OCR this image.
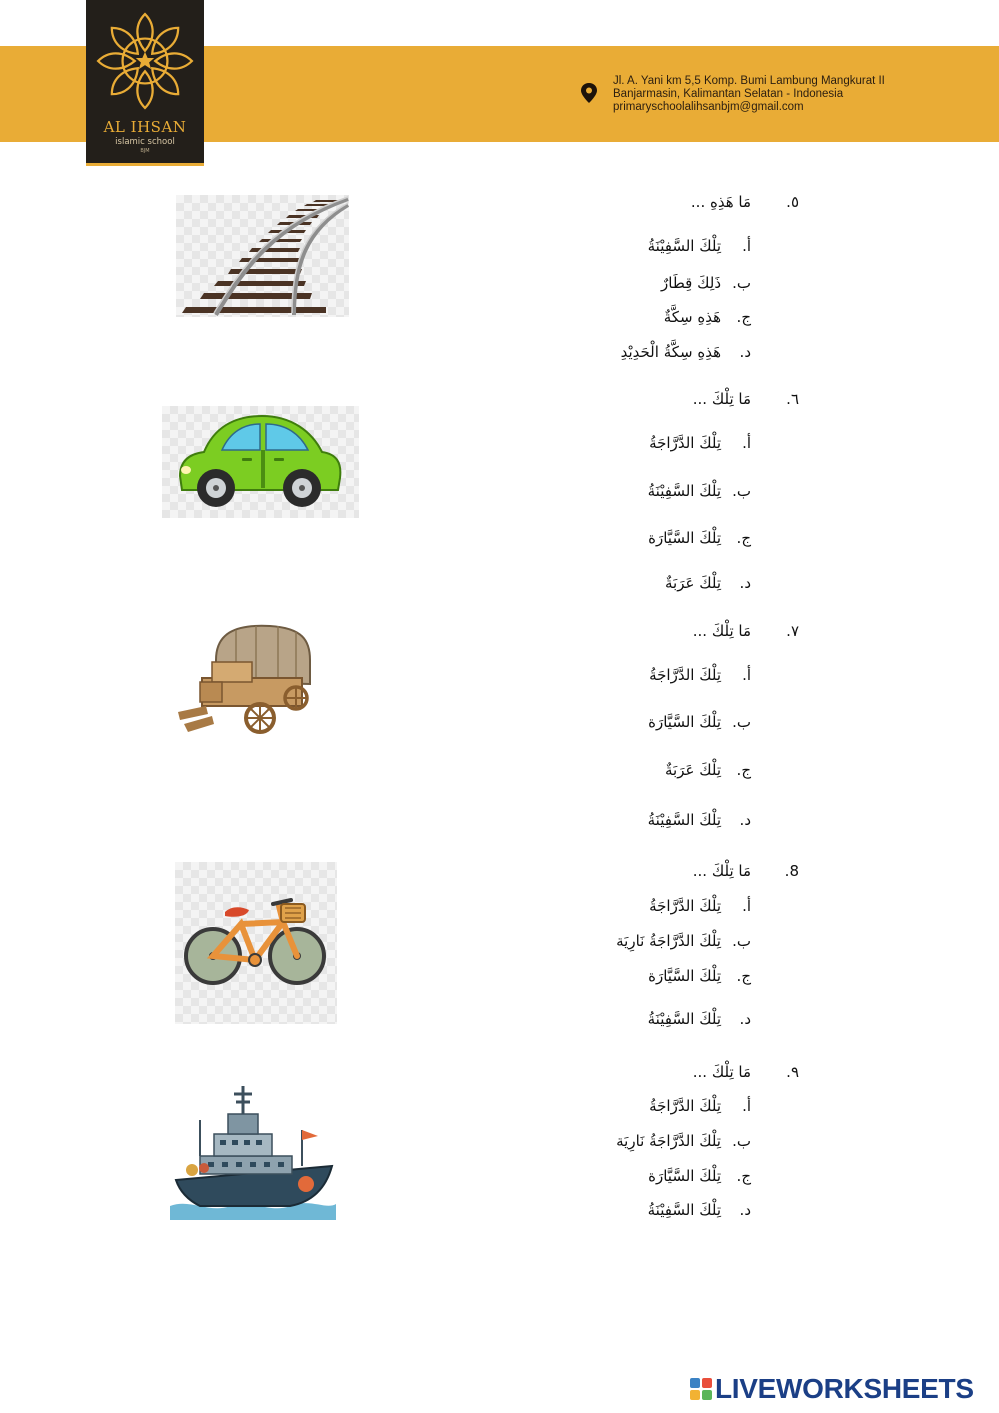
AL IHSAN
islamic school
BJM
Jl. A. Yani km 5,5 Komp. Bumi Lambung Mangkurat II
Banjarmasin, Kalimantan Selatan - Indonesia
primaryschoolalihsanbjm@gmail.com
٥.مَا هَذِهِ ...
أ.تِلْكَ السَّفِيْنَةُ
ب.ذَلِكَ قِطَارٌ
ج.هَذِهِ سِكَّةٌ
د.هَذِهِ سِكَّةُ الْحَدِيْدِ
٦.مَا تِلْكَ ...
أ.تِلْكَ الدَّرَّاجَةُ
ب.تِلْكَ السَّفِيْنَةُ
ج.تِلْكَ السَّيَّارَة
د.تِلْكَ عَرَبَةٌ
٧.مَا تِلْكَ ...
أ.تِلْكَ الدَّرَّاجَةُ
ب.تِلْكَ السَّيَّارَة
ج.تِلْكَ عَرَبَةٌ
د.تِلْكَ السَّفِيْنَةُ
8.مَا تِلْكَ ...
أ.تِلْكَ الدَّرَّاجَةُ
ب.تِلْكَ الدَّرَّاجَةُ نَارِيَة
ج.تِلْكَ السَّيَّارَة
د.تِلْكَ السَّفِيْنَةُ
٩.مَا تِلْكَ ...
أ.تِلْكَ الدَّرَّاجَةُ
ب.تِلْكَ الدَّرَّاجَةُ نَارِيَة
ج.تِلْكَ السَّيَّارَة
د.تِلْكَ السَّفِيْنَةُ
LIVEWORKSHEETS
